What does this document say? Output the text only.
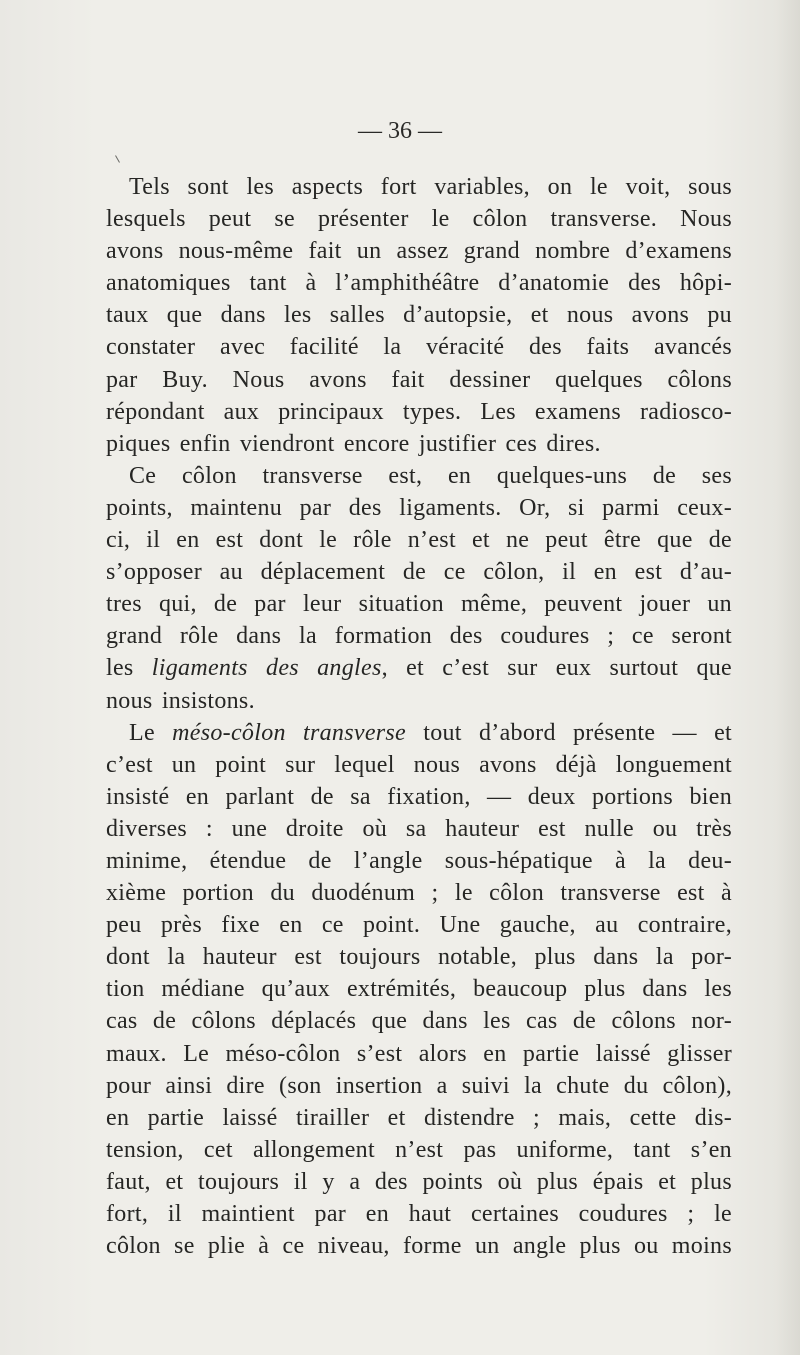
— 36 —

Tels sont les aspects fort variables, on le voit, sous
lesquels peut se présenter le côlon transverse. Nous
avons nous-même fait un assez grand nombre d’examens
anatomiques tant à l’amphithéâtre d’anatomie des hôpi-
taux que dans les salles d’autopsie, et nous avons pu
constater avec facilité la véracité des faits avancés
par Buy. Nous avons fait dessiner quelques côlons
répondant aux principaux types. Les examens radiosco-
piques enfin viendront encore justifier ces dires.
Ce côlon transverse est, en quelques-uns de ses
points, maintenu par des ligaments. Or, si parmi ceux-
ci, il en est dont le rôle n’est et ne peut être que de
s’opposer au déplacement de ce côlon, il en est d’au-
tres qui, de par leur situation même, peuvent jouer un
grand rôle dans la formation des coudures ; ce seront
les ligaments des angles, et c’est sur eux surtout que
nous insistons.
Le méso-côlon transverse tout d’abord présente — et
c’est un point sur lequel nous avons déjà longuement
insisté en parlant de sa fixation, — deux portions bien
diverses : une droite où sa hauteur est nulle ou très
minime, étendue de l’angle sous-hépatique à la deu-
xième portion du duodénum ; le côlon transverse est à
peu près fixe en ce point. Une gauche, au contraire,
dont la hauteur est toujours notable, plus dans la por-
tion médiane qu’aux extrémités, beaucoup plus dans les
cas de côlons déplacés que dans les cas de côlons nor-
maux. Le méso-côlon s’est alors en partie laissé glisser
pour ainsi dire (son insertion a suivi la chute du côlon),
en partie laissé tirailler et distendre ; mais, cette dis-
tension, cet allongement n’est pas uniforme, tant s’en
faut, et toujours il y a des points où plus épais et plus
fort, il maintient par en haut certaines coudures ; le
côlon se plie à ce niveau, forme un angle plus ou moins
